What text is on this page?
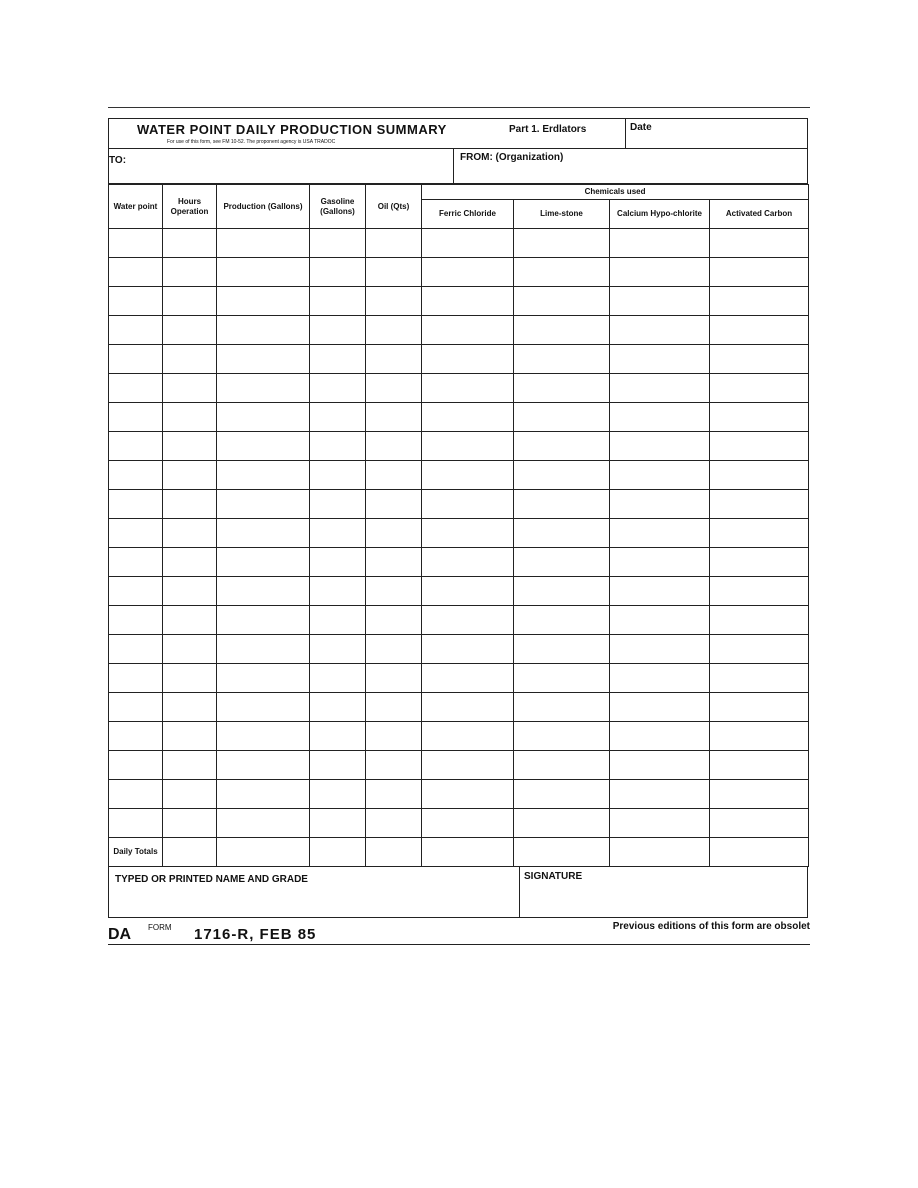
WATER POINT DAILY PRODUCTION SUMMARY
For use of this form, see FM 10-52. The proponent agency is USA TRADOC
Part 1. Erdlators	Date
TO:	FROM: (Organization)
Water point	Hours Operation	Production (Gallons)	Gasoline (Gallons)	Oil (Qts)	Chemicals used			
					Ferric Chloride	Lime-stone	Calcium Hypo-chlorite	Activated Carbon

Daily Totals								
TYPED OR PRINTED NAME AND GRADE	SIGNATURE
DA FORM 1716-R, FEB 85	Previous editions of this form are obsolet
